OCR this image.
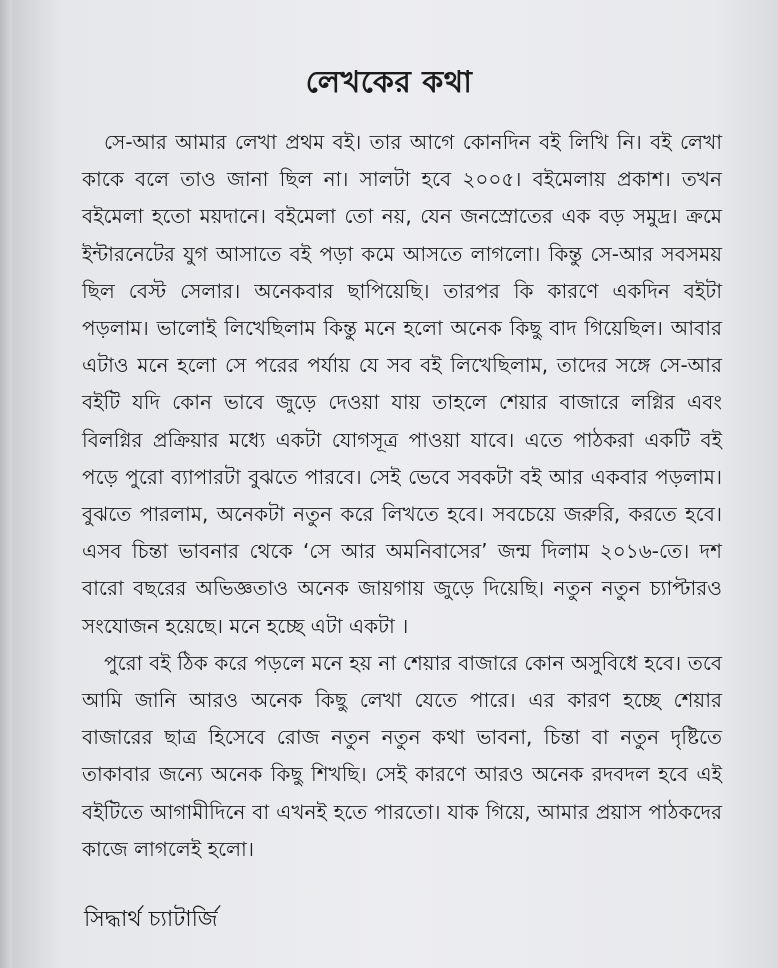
লেখকের কথা

সে-আর আমার লেখা প্রথম বই। তার আগে কোনদিন বই লিখি নি। বই লেখা কাকে বলে তাও জানা ছিল না। সালটা হবে ২০০৫। বইমেলায় প্রকাশ। তখন বইমেলা হতো ময়দানে। বইমেলা তো নয়, যেন জনস্রোতের এক বড় সমুদ্র। ক্রমে ইন্টারনেটের যুগ আসাতে বই পড়া কমে আসতে লাগলো। কিন্তু সে-আর সবসময় ছিল বেস্ট সেলার। অনেকবার ছাপিয়েছি। তারপর কি কারণে একদিন বইটা পড়লাম। ভালোই লিখেছিলাম কিন্তু মনে হলো অনেক কিছু বাদ গিয়েছিল। আবার এটাও মনে হলো সে পরের পর্যায় যে সব বই লিখেছিলাম, তাদের সঙ্গে সে-আর বইটি যদি কোন ভাবে জুড়ে দেওয়া যায় তাহলে শেয়ার বাজারে লগ্নির এবং বিলগ্নির প্রক্রিয়ার মধ্যে একটা যোগসূত্র পাওয়া যাবে। এতে পাঠকরা একটি বই পড়ে পুরো ব্যাপারটা বুঝতে পারবে। সেই ভেবে সবকটা বই আর একবার পড়লাম। বুঝতে পারলাম, অনেকটা নতুন করে লিখতে হবে। সবচেয়ে জরুরি, করতে হবে। এসব চিন্তা ভাবনার থেকে ‘সে আর অমনিবাসের’ জন্ম দিলাম ২০১৬-তে। দশ বারো বছরের অভিজ্ঞতাও অনেক জায়গায় জুড়ে দিয়েছি। নতুন নতুন চ্যাপ্টারও সংযোজন হয়েছে। মনে হচ্ছে এটা একটা ।

পুরো বই ঠিক করে পড়লে মনে হয় না শেয়ার বাজারে কোন অসুবিধে হবে। তবে আমি জানি আরও অনেক কিছু লেখা যেতে পারে। এর কারণ হচ্ছে শেয়ার বাজারের ছাত্র হিসেবে রোজ নতুন নতুন কথা ভাবনা, চিন্তা বা নতুন দৃষ্টিতে তাকাবার জন্যে অনেক কিছু শিখছি। সেই কারণে আরও অনেক রদবদল হবে এই বইটিতে আগামীদিনে বা এখনই হতে পারতো। যাক গিয়ে, আমার প্রয়াস পাঠকদের কাজে লাগলেই হলো।

সিদ্ধার্থ চ্যাটার্জি
